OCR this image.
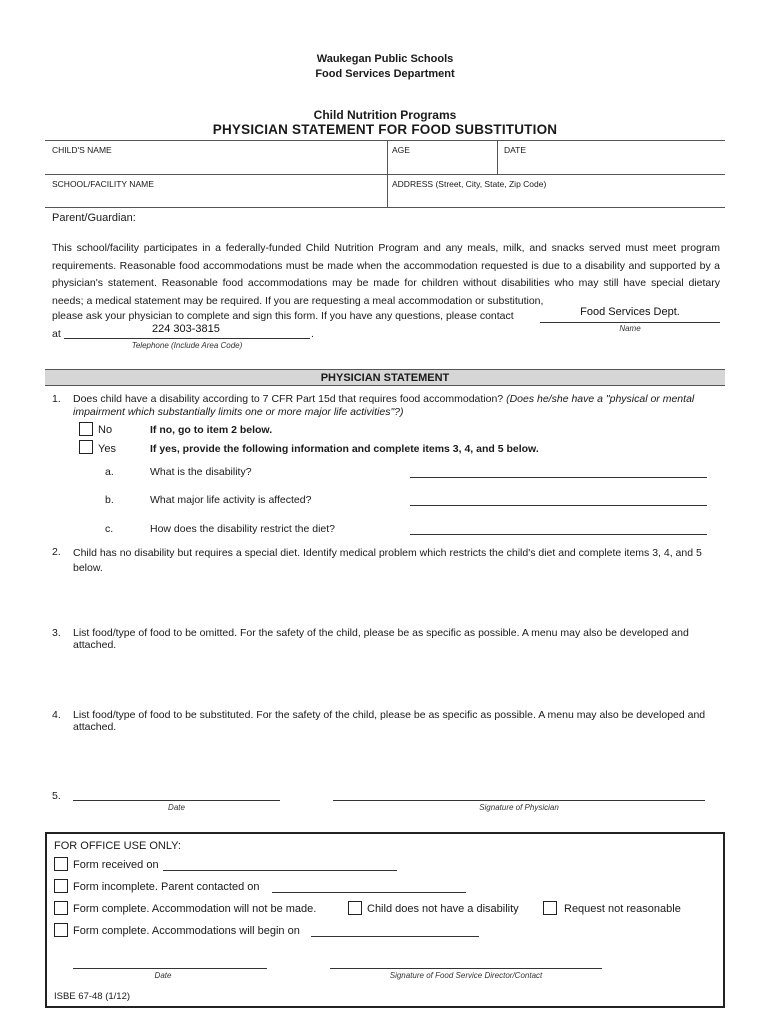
Waukegan Public Schools
Food Services Department
Child Nutrition Programs
PHYSICIAN STATEMENT FOR FOOD SUBSTITUTION
CHILD'S NAME	AGE	DATE
SCHOOL/FACILITY NAME	ADDRESS (Street, City, State, Zip Code)
Parent/Guardian:
This school/facility participates in a federally-funded Child Nutrition Program and any meals, milk, and snacks served must meet program requirements. Reasonable food accommodations must be made when the accommodation requested is due to a disability and supported by a physician's statement. Reasonable food accommodations may be made for children without disabilities who may still have special dietary needs; a medical statement may be required. If you are requesting a meal accommodation or substitution,
please ask your physician to complete and sign this form. If you have any questions, please contact	Food Services Dept.
Name
at	224 303-3815	.
Telephone (Include Area Code)
PHYSICIAN STATEMENT
1. Does child have a disability according to 7 CFR Part 15d that requires food accommodation? (Does he/she have a "physical or mental impairment which substantially limits one or more major life activities"?)
No	If no, go to item 2 below.
Yes	If yes, provide the following information and complete items 3, 4, and 5 below.
a.	What is the disability?
b.	What major life activity is affected?
c.	How does the disability restrict the diet?
2. Child has no disability but requires a special diet. Identify medical problem which restricts the child's diet and complete items 3, 4, and 5 below.
3. List food/type of food to be omitted. For the safety of the child, please be as specific as possible. A menu may also be developed and attached.
4. List food/type of food to be substituted. For the safety of the child, please be as specific as possible. A menu may also be developed and attached.
5.
Date	Signature of Physician
FOR OFFICE USE ONLY:
Form received on
Form incomplete. Parent contacted on
Form complete. Accommodation will not be made.	Child does not have a disability	Request not reasonable
Form complete. Accommodations will begin on
Date	Signature of Food Service Director/Contact
ISBE 67-48 (1/12)
